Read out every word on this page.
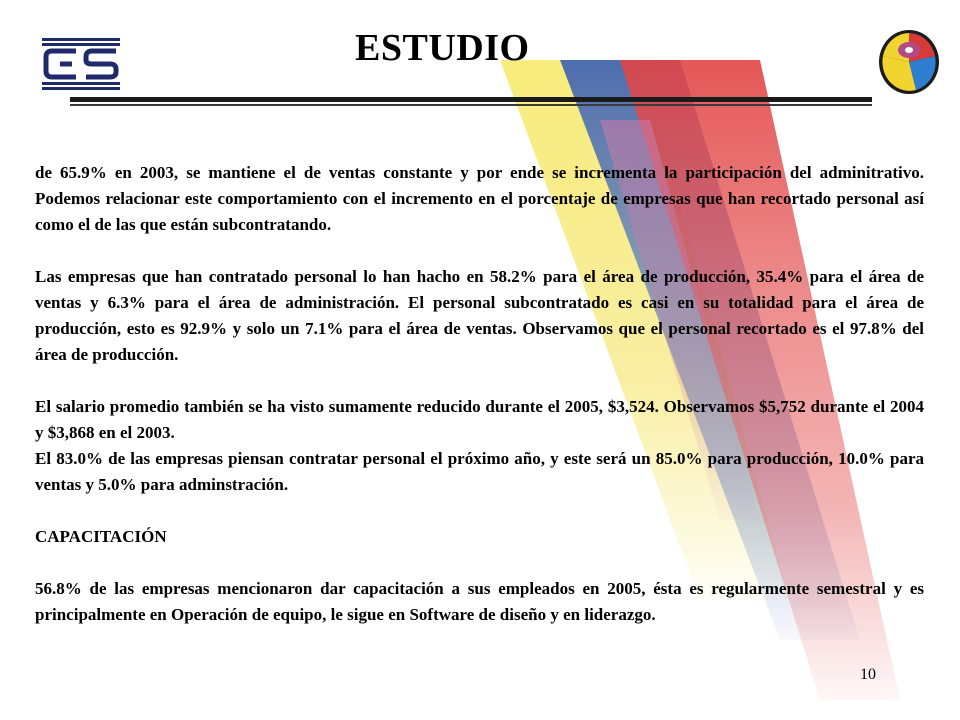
ESTUDIO

de 65.9% en 2003, se mantiene el de ventas constante y por ende se incrementa la participación del adminitrativo. Podemos relacionar este comportamiento con el incremento en el porcentaje de empresas que han recortado personal así como el de las que están subcontratando.

Las empresas que han contratado personal lo han hacho en 58.2% para el área de producción, 35.4% para el área de ventas y 6.3% para el área de administración. El personal subcontratado es casi en su totalidad para el área de producción, esto es 92.9% y solo un 7.1% para el área de ventas. Observamos que el personal recortado es el 97.8% del área de producción.

El salario promedio también se ha visto sumamente reducido durante el 2005, $3,524. Observamos $5,752 durante el 2004 y $3,868 en el 2003.

El 83.0% de las empresas piensan contratar personal el próximo año, y este será un 85.0% para producción, 10.0% para ventas y 5.0% para adminstración.

CAPACITACIÓN

56.8% de las empresas mencionaron dar capacitación a sus empleados en 2005, ésta es regularmente semestral y es principalmente en Operación de equipo, le sigue en Software de diseño y en liderazgo.

10
